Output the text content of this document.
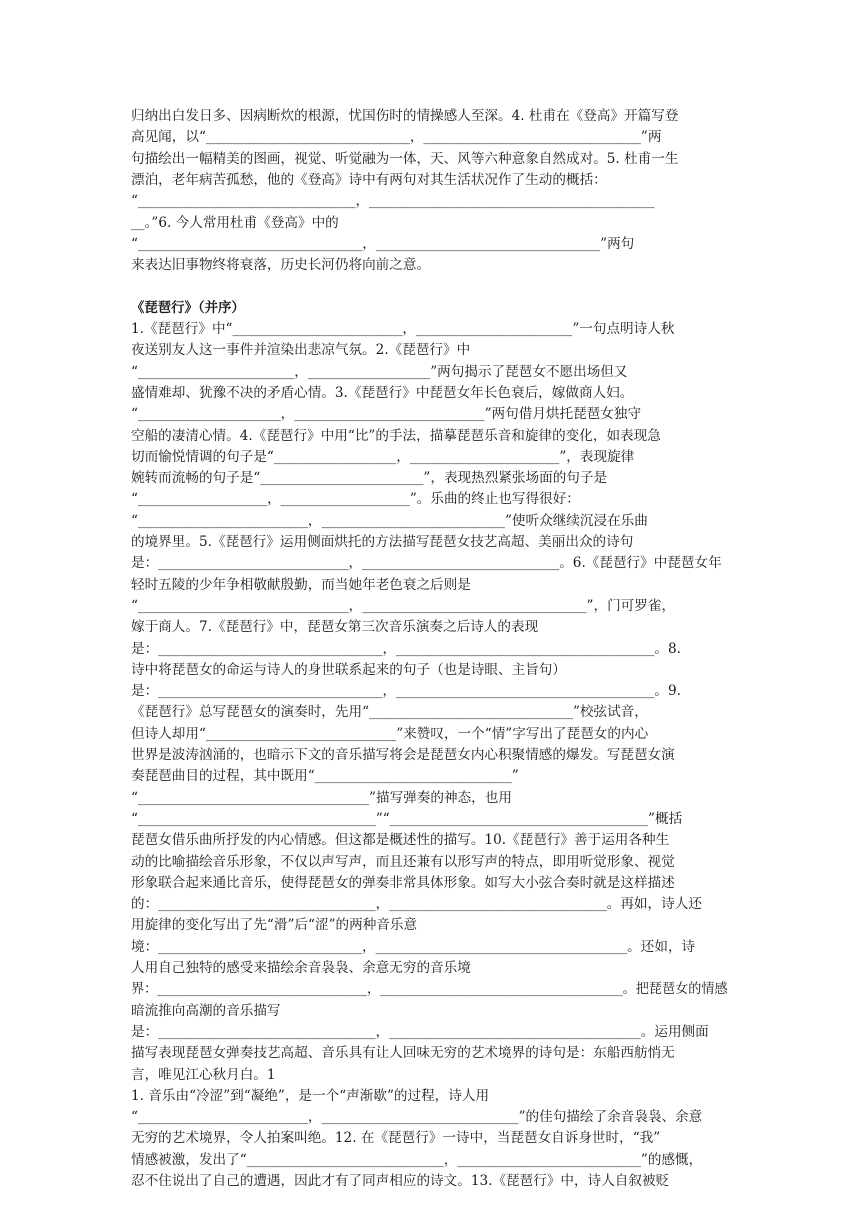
归纳出白发日多、因病断炊的根源，忧国伤时的情操感人至深。4. 杜甫在《登高》开篇写登
高见闻，以“______________________________，________________________________”两
句描绘出一幅精美的图画，视觉、听觉融为一体，天、风等六种意象自然成对。5. 杜甫一生
漂泊，老年病苦孤愁，他的《登高》诗中有两句对其生活状况作了生动的概括：
“________________________________，__________________________________________
__。”6. 今人常用杜甫《登高》中的
“_________________________________，_________________________________”两句
来表达旧事物终将衰落，历史长河仍将向前之意。
《琵琶行》（并序）
1.《琵琶行》中“_________________________，_______________________”一句点明诗人秋
夜送别友人这一事件并渲染出悲凉气氛。2.《琵琶行》中
“_______________________，__________________”两句揭示了琵琶女不愿出场但又
盛情难却、犹豫不决的矛盾心情。3.《琵琶行》中琵琶女年长色衰后，嫁做商人妇。
“_____________________，____________________________”两句借月烘托琵琶女独守
空船的凄清心情。4.《琵琶行》中用“比”的手法，描摹琵琶乐音和旋律的变化，如表现急
切而愉悦情调的句子是“__________________，______________________”，表现旋律
婉转而流畅的句子是“________________________”，表现热烈紧张场面的句子是
“___________________，___________________”。乐曲的终止也写得很好：
“_________________________，___________________________”使听众继续沉浸在乐曲
的境界里。5.《琵琶行》运用侧面烘托的方法描写琵琶女技艺高超、美丽出众的诗句
是：____________________________，_____________________________。6.《琵琶行》中琵琶女年
轻时五陵的少年争相敬献殷勤，而当她年老色衰之后则是
“_______________________________，_________________________________”，门可罗雀，
嫁于商人。7.《琵琶行》中，琵琶女第三次音乐演奏之后诗人的表现
是：_________________________________，______________________________________。8.
诗中将琵琶女的命运与诗人的身世联系起来的句子（也是诗眼、主旨句）
是：_________________________________，______________________________________。9.
《琵琶行》总写琵琶女的演奏时，先用“______________________________”校弦试音，
但诗人却用“____________________________”来赞叹，一个“情”字写出了琵琶女的内心
世界是波涛汹涌的，也暗示下文的音乐描写将会是琵琶女内心积聚情感的爆发。写琵琶女演
奏琵琶曲目的过程，其中既用“_____________________________”
“__________________________________”描写弹奏的神态，也用
“___________________________________”“______________________________________”概括
琵琶女借乐曲所抒发的内心情感。但这都是概述性的描写。10.《琵琶行》善于运用各种生
动的比喻描绘音乐形象，不仅以声写声，而且还兼有以形写声的特点，即用听觉形象、视觉
形象联合起来通比音乐，使得琵琶女的弹奏非常具体形象。如写大小弦合奏时就是这样描述
的：________________________________，________________________________。再如，诗人还
用旋律的变化写出了先“滑”后“涩”的两种音乐意
境：______________________________，_____________________________________。还如，诗
人用自己独特的感受来描绘余音袅袅、余意无穷的音乐境
界：________________________________，_____________________________________。把琵琶女的情感
暗流推向高潮的音乐描写
是：________________________________，_____________________________________。运用侧面
描写表现琵琶女弹奏技艺高超、音乐具有让人回味无穷的艺术境界的诗句是：东船西舫悄无
言，唯见江心秋月白。1
1. 音乐由“冷涩”到“凝绝”，是一个“声渐歇”的过程，诗人用
“_________________________，_____________________________”的佳句描绘了余音袅袅、余意
无穷的艺术境界，令人拍案叫绝。12. 在《琵琶行》一诗中，当琵琶女自诉身世时，“我”
情感被激，发出了“_____________________________，___________________________”的感慨，
忍不住说出了自己的遭遇，因此才有了同声相应的诗文。13.《琵琶行》中，诗人自叙被贬
